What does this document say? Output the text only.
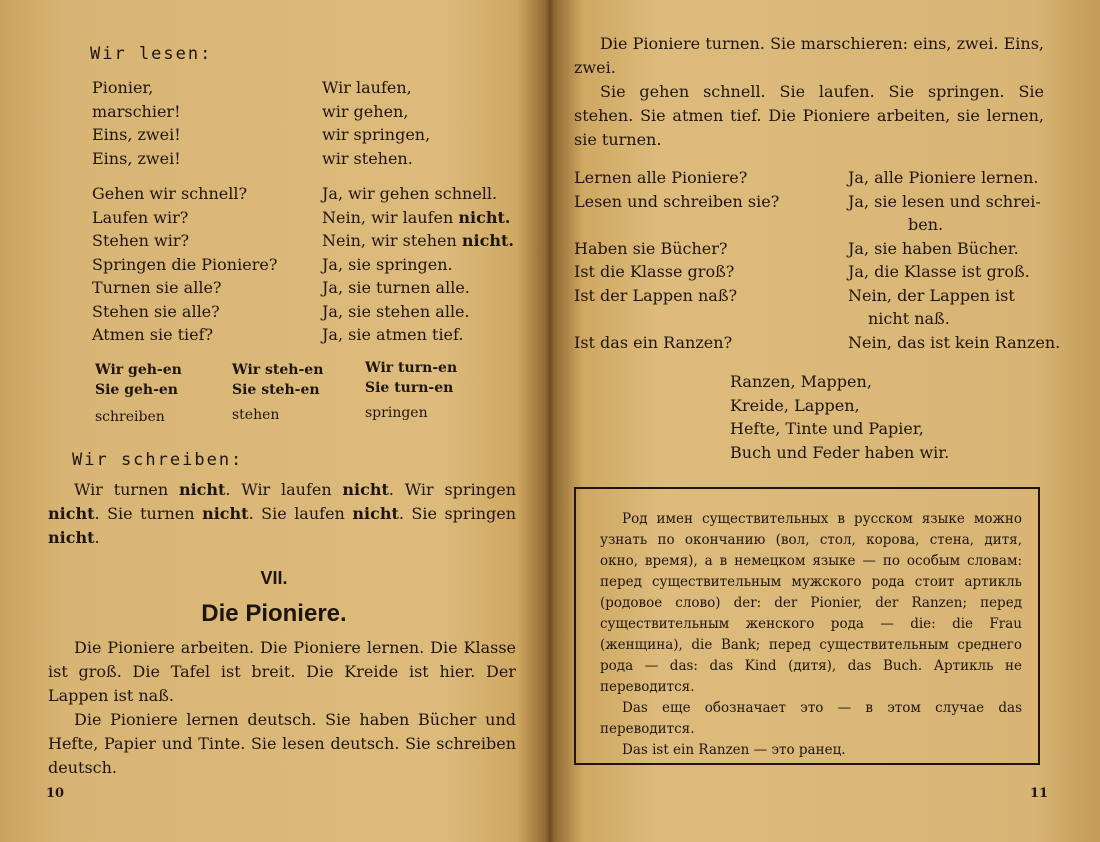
Wir lesen:
Pionier,
marschier!
Eins, zwei!
Eins, zwei!
Wir laufen,
wir gehen,
wir springen,
wir stehen.
Gehen wir schnell?
Laufen wir?
Stehen wir?
Springen die Pioniere?
Turnen sie alle?
Stehen sie alle?
Atmen sie tief?
Ja, wir gehen schnell.
Nein, wir laufen nicht.
Nein, wir stehen nicht.
Ja, sie springen.
Ja, sie turnen alle.
Ja, sie stehen alle.
Ja, sie atmen tief.
Wir geh-en
Sie geh-en
Wir steh-en
Sie steh-en
Wir turn-en
Sie turn-en
schreiben	stehen	springen
Wir schreiben:

Wir turnen nicht. Wir laufen nicht. Wir springen nicht. Sie turnen nicht. Sie laufen nicht. Sie springen nicht.

VII.
Die Pioniere.

Die Pioniere arbeiten. Die Pioniere lernen. Die Klasse ist groß. Die Tafel ist breit. Die Kreide ist hier. Der Lappen ist naß.

Die Pioniere lernen deutsch. Sie haben Bücher und Hefte, Papier und Tinte. Sie lesen deutsch. Sie schreiben deutsch.

10

Die Pioniere turnen. Sie marschieren: eins, zwei. Eins, zwei.

Sie gehen schnell. Sie laufen. Sie springen. Sie stehen. Sie atmen tief. Die Pioniere arbeiten, sie lernen, sie turnen.

Lernen alle Pioniere?
Lesen und schreiben sie?

Haben sie Bücher?
Ist die Klasse groß?
Ist der Lappen naß?

Ist das ein Ranzen?
Ja, alle Pioniere lernen.
Ja, sie lesen und schrei-
ben.
Ja, sie haben Bücher.
Ja, die Klasse ist groß.
Nein, der Lappen ist
nicht naß.
Nein, das ist kein Ranzen.
Ranzen, Mappen,
Kreide, Lappen,
Hefte, Tinte und Papier,
Buch und Feder haben wir.

Род имен существительных в русском языке можно узнать по окончанию (вол, стол, корова, стена, дитя, окно, время), а в немецком языке — по особым словам: перед существительным мужского рода стоит артикль (родовое слово) der: der Pionier, der Ranzen; перед существительным женского рода — die: die Frau (женщина), die Bank; перед существительным среднего рода — das: das Kind (дитя), das Buch. Артикль не переводится.

Das еще обозначает это — в этом случае das переводится.

Das ist ein Ranzen — это ранец.

11
